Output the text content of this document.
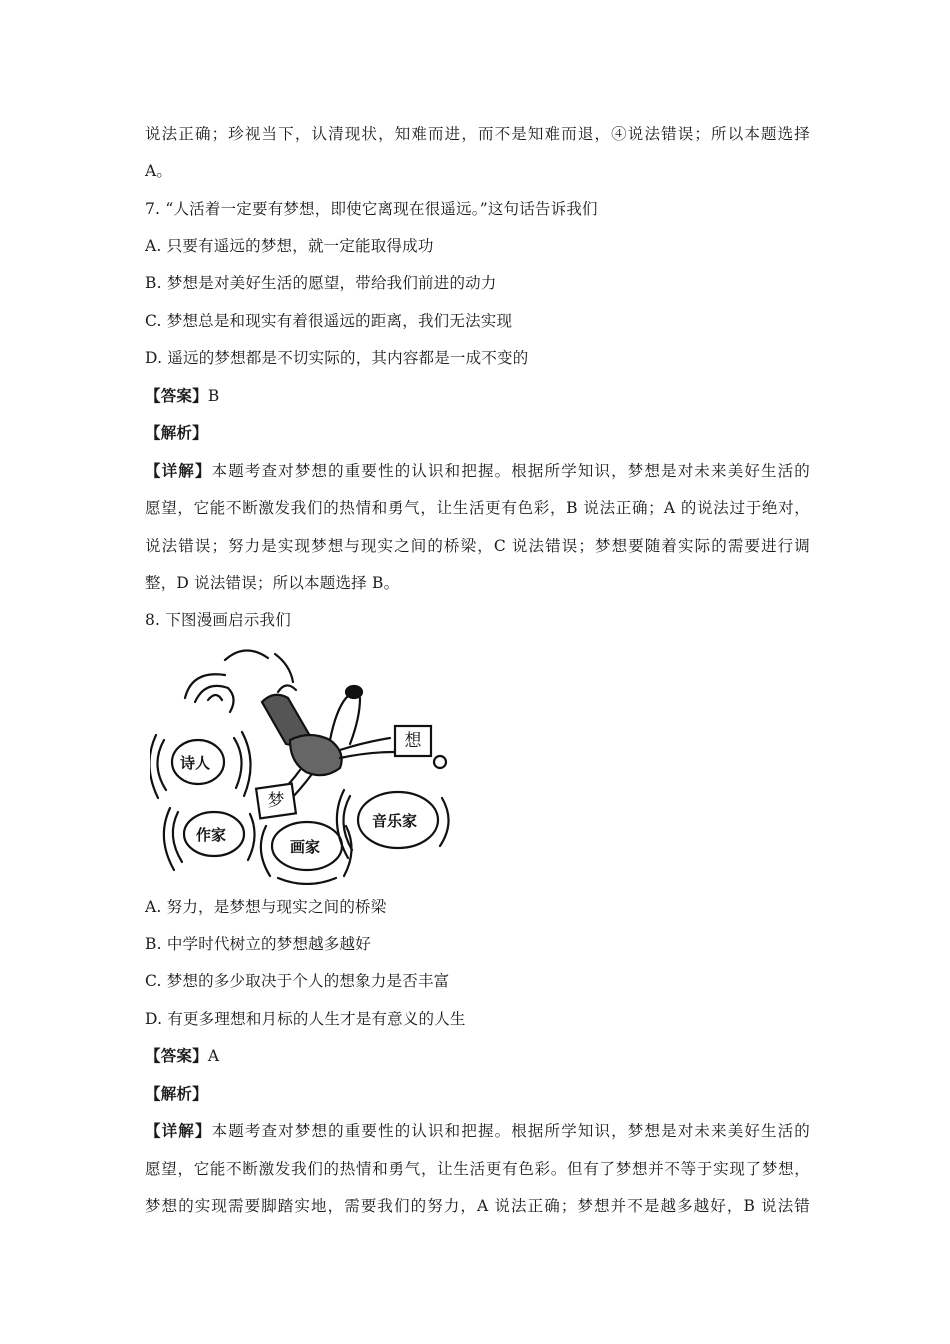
说法正确；珍视当下，认清现状，知难而进，而不是知难而退，④说法错误；所以本题选择
A。
7. “人活着一定要有梦想，即使它离现在很遥远。”这句话告诉我们
A. 只要有遥远的梦想，就一定能取得成功
B. 梦想是对美好生活的愿望，带给我们前进的动力
C. 梦想总是和现实有着很遥远的距离，我们无法实现
D. 遥远的梦想都是不切实际的，其内容都是一成不变的
【答案】B
【解析】
【详解】本题考查对梦想的重要性的认识和把握。根据所学知识，梦想是对未来美好生活的
愿望，它能不断激发我们的热情和勇气，让生活更有色彩，B 说法正确；A 的说法过于绝对，
说法错误；努力是实现梦想与现实之间的桥梁，C 说法错误；梦想要随着实际的需要进行调
整，D 说法错误；所以本题选择 B。
8. 下图漫画启示我们
诗人
作家
画家
音乐家
想
梦
A. 努力，是梦想与现实之间的桥梁
B. 中学时代树立的梦想越多越好
C. 梦想的多少取决于个人的想象力是否丰富
D. 有更多理想和月标的人生才是有意义的人生
【答案】A
【解析】
【详解】本题考查对梦想的重要性的认识和把握。根据所学知识，梦想是对未来美好生活的
愿望，它能不断激发我们的热情和勇气，让生活更有色彩。但有了梦想并不等于实现了梦想，
梦想的实现需要脚踏实地，需要我们的努力，A 说法正确；梦想并不是越多越好，B 说法错
